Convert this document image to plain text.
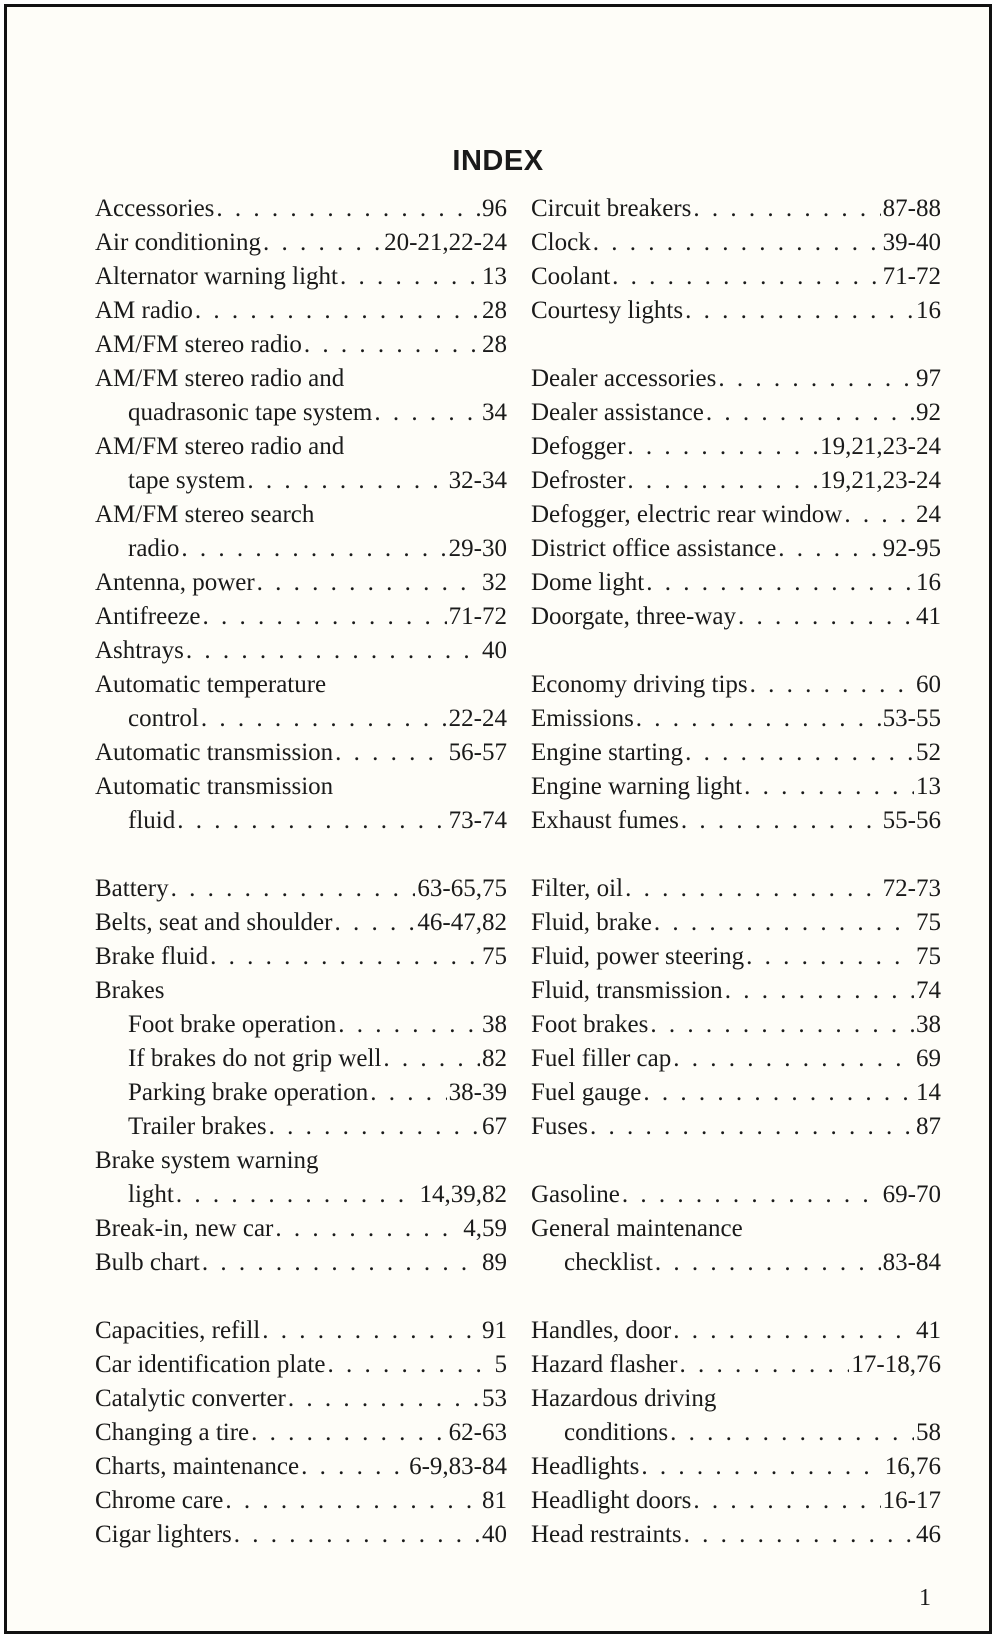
INDEX
Accessories . . .	96
Air conditioning . . .	20-21,22-24
Alternator warning light . . .	13
AM radio . . .	28
AM/FM stereo radio . . .	28
AM/FM stereo radio and
quadrasonic tape system . . .	34
AM/FM stereo radio and
tape system . . .	32-34
AM/FM stereo search
radio . . .	29-30
Antenna, power . . .	32
Antifreeze . . .	71-72
Ashtrays . . .	40
Automatic temperature
control . . .	22-24
Automatic transmission . . .	56-57
Automatic transmission
fluid . . .	73-74
Battery . . .	63-65,75
Belts, seat and shoulder . . .	46-47,82
Brake fluid . . .	75
Brakes
Foot brake operation . . .	38
If brakes do not grip well . . .	82
Parking brake operation . . .	38-39
Trailer brakes . . .	67
Brake system warning
light . . .	14,39,82
Break-in, new car . . .	4,59
Bulb chart . . .	89
Capacities, refill . . .	91
Car identification plate . . .	5
Catalytic converter . . .	53
Changing a tire . . .	62-63
Charts, maintenance . . .	6-9,83-84
Chrome care . . .	81
Cigar lighters . . .	40
Circuit breakers . . .	87-88
Clock . . .	39-40
Coolant . . .	71-72
Courtesy lights . . .	16
Dealer accessories . . .	97
Dealer assistance . . .	92
Defogger . . .	19,21,23-24
Defroster . . .	19,21,23-24
Defogger, electric rear window . . .	24
District office assistance . . .	92-95
Dome light . . .	16
Doorgate, three-way . . .	41
Economy driving tips . . .	60
Emissions . . .	53-55
Engine starting . . .	52
Engine warning light . . .	13
Exhaust fumes . . .	55-56
Filter, oil . . .	72-73
Fluid, brake . . .	75
Fluid, power steering . . .	75
Fluid, transmission . . .	74
Foot brakes . . .	38
Fuel filler cap . . .	69
Fuel gauge . . .	14
Fuses . . .	87
Gasoline . . .	69-70
General maintenance
checklist . . .	83-84
Handles, door . . .	41
Hazard flasher . . .	17-18,76
Hazardous driving
conditions . . .	58
Headlights . . .	16,76
Headlight doors . . .	16-17
Head restraints . . .	46
1
